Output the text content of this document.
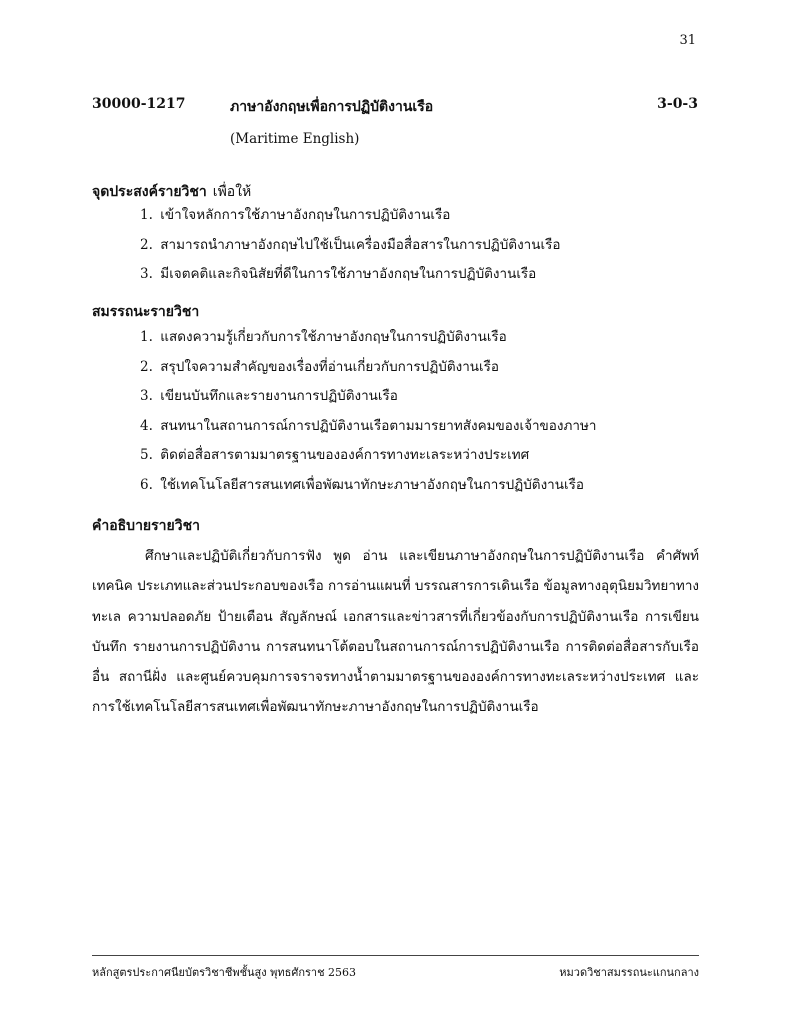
31
30000-1217	ภาษาอังกฤษเพื่อการปฏิบัติงานเรือ	3-0-3
(Maritime English)
จุดประสงค์รายวิชา เพื่อให้
1. เข้าใจหลักการใช้ภาษาอังกฤษในการปฏิบัติงานเรือ
2. สามารถนำภาษาอังกฤษไปใช้เป็นเครื่องมือสื่อสารในการปฏิบัติงานเรือ
3. มีเจตคติและกิจนิสัยที่ดีในการใช้ภาษาอังกฤษในการปฏิบัติงานเรือ
สมรรถนะรายวิชา
1. แสดงความรู้เกี่ยวกับการใช้ภาษาอังกฤษในการปฏิบัติงานเรือ
2. สรุปใจความสำคัญของเรื่องที่อ่านเกี่ยวกับการปฏิบัติงานเรือ
3. เขียนบันทึกและรายงานการปฏิบัติงานเรือ
4. สนทนาในสถานการณ์การปฏิบัติงานเรือตามมารยาทสังคมของเจ้าของภาษา
5. ติดต่อสื่อสารตามมาตรฐานขององค์การทางทะเลระหว่างประเทศ
6. ใช้เทคโนโลยีสารสนเทศเพื่อพัฒนาทักษะภาษาอังกฤษในการปฏิบัติงานเรือ
คำอธิบายรายวิชา

ศึกษาและปฏิบัติเกี่ยวกับการฟัง พูด อ่าน และเขียนภาษาอังกฤษในการปฏิบัติงานเรือ คำศัพท์เทคนิค ประเภทและส่วนประกอบของเรือ การอ่านแผนที่ บรรณสารการเดินเรือ ข้อมูลทางอุตุนิยมวิทยาทางทะเล ความปลอดภัย ป้ายเตือน สัญลักษณ์ เอกสารและข่าวสารที่เกี่ยวข้องกับการปฏิบัติงานเรือ การเขียนบันทึก รายงานการปฏิบัติงาน การสนทนาโต้ตอบในสถานการณ์การปฏิบัติงานเรือ การติดต่อสื่อสารกับเรืออื่น สถานีฝั่ง และศูนย์ควบคุมการจราจรทางน้ำตามมาตรฐานขององค์การทางทะเลระหว่างประเทศ และการใช้เทคโนโลยีสารสนเทศเพื่อพัฒนาทักษะภาษาอังกฤษในการปฏิบัติงานเรือ

หลักสูตรประกาศนียบัตรวิชาชีพชั้นสูง พุทธศักราช 2563	หมวดวิชาสมรรถนะแกนกลาง
